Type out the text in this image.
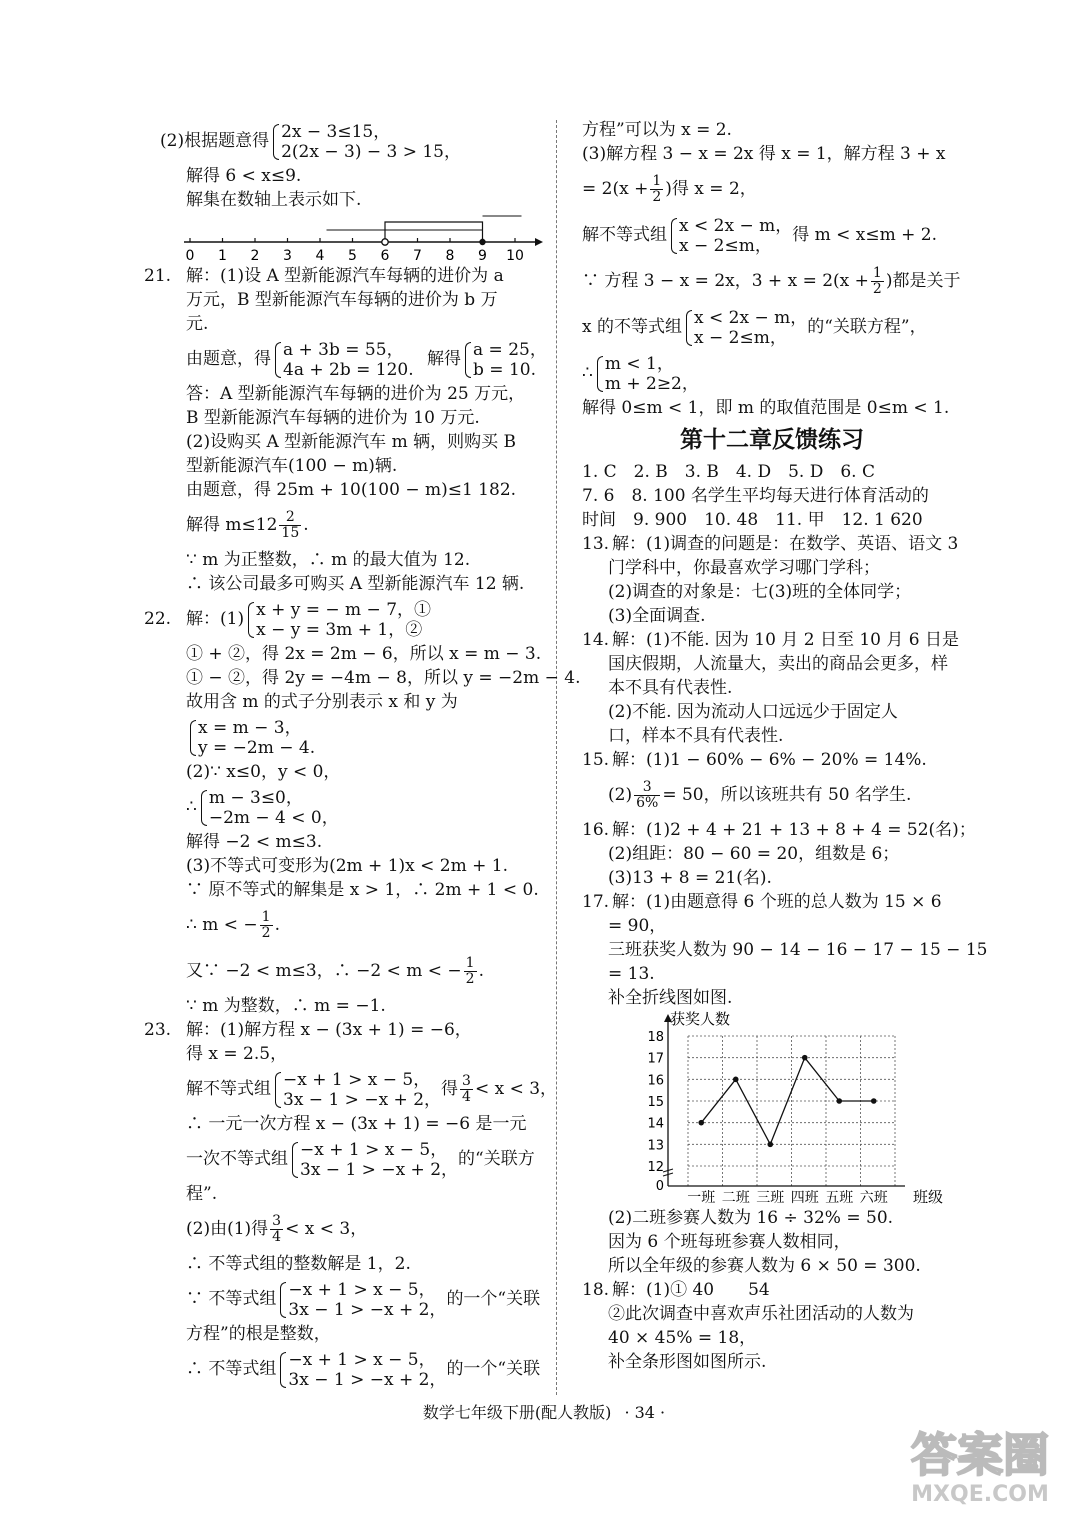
(2)根据题意得 2x − 3≤15，
2(2x − 3) − 3 > 15，
解得 6 < x≤9.
解集在数轴上表示如下.
0 1 2 3 4 5 6 7 8 9 10
21. 解：(1)设 A 型新能源汽车每辆的进价为 a
万元，B 型新能源汽车每辆的进价为 b 万
元.
由题意，得 a + 3b = 55，
4a + 2b = 120.
解得 a = 25，
b = 10.
答：A 型新能源汽车每辆的进价为 25 万元，
B 型新能源汽车每辆的进价为 10 万元.
(2)设购买 A 型新能源汽车 m 辆，则购买 B
型新能源汽车(100 − m)辆.
由题意，得 25m + 10(100 − m)≤1 182.
解得 $m\le 12 \frac{2}{15}$ .
∵ m 为正整数，∴ m 的最大值为 12.
∴ 该公司最多可购买 A 型新能源汽车 12 辆.
22. 解：(1) x + y = − m − 7，①
x − y = 3m + 1，②
① + ②，得 2x = 2m − 6，所以 x = m − 3.
① − ②，得 2y = −4m − 8，所以 y = −2m − 4.
故用含 m 的式子分别表示 x 和 y 为
x = m − 3，
y = −2m − 4.
(2)∵ x≤0，y < 0，
∴ m − 3≤0，
−2m − 4 < 0，
解得 −2 < m≤3.
(3)不等式可变形为(2m + 1)x < 2m + 1.
∵ 原不等式的解集是 x > 1，∴ 2m + 1 < 0.
∴ m < − $\frac{1}{2}$ .
又∵ −2 < m≤3，∴ −2 < m < − $\frac{1}{2}$ .
∵ m 为整数，∴ m = −1.
23. 解：(1)解方程 x − (3x + 1) = −6，
得 x = 2.5，
解不等式组 −x + 1 > x − 5，
3x − 1 > −x + 2，
得 $\frac{3}{4} < x < 3$，
∴ 一元一次方程 x − (3x + 1) = −6 是一元
一次不等式组 −x + 1 > x − 5，
3x − 1 > −x + 2，
的“关联方
程”.
(2)由(1)得 $\frac{3}{4} < x < 3$，
∴ 不等式组的整数解是 1，2.
∵ 不等式组 −x + 1 > x − 5，
3x − 1 > −x + 2，
的一个“关联
方程”的根是整数，
∴ 不等式组 −x + 1 > x − 5，
3x − 1 > −x + 2，
的一个“关联
方程”可以为 x = 2.
(3)解方程 3 − x = 2x 得 x = 1，解方程 3 + x
= $2(x + \frac{1}{2}$ )得 x = 2，
解不等式组 x < 2x − m，
x − 2≤m，
得 m < x≤m + 2.
∵ 方程 3 − x = 2x，$3 + x = 2(x + \frac{1}{2}$ )都是关于
x 的不等式组 x < 2x − m，
x − 2≤m，
的“关联方程”，
∴ m < 1，
m + 2≥2，
解得 0≤m < 1，即 m 的取值范围是 0≤m < 1.
第十二章反馈练习
1. C　2. B　3. B　4. D　5. D　6. C
7. 6　8. 100 名学生平均每天进行体育活动的
时间　9. 900　10. 48　11. 甲　12. 1 620
13. 解：(1)调查的问题是：在数学、英语、语文 3
门学科中，你最喜欢学习哪门学科；
(2)调查的对象是：七(3)班的全体同学；
(3)全面调查.
14. 解：(1)不能. 因为 10 月 2 日至 10 月 6 日是
国庆假期，人流量大，卖出的商品会更多，样
本不具有代表性.
(2)不能. 因为流动人口远远少于固定人
口，样本不具有代表性.
15. 解：(1)1 − 60% − 6% − 20% = 14%.
$(2) \frac{3}{6\%} = 50$，所以该班共有 50 名学生.
16. 解：(1)2 + 4 + 21 + 13 + 8 + 4 = 52(名)；
(2)组距：80 − 60 = 20，组数是 6；
(3)13 + 8 = 21(名).
17. 解：(1)由题意得 6 个班的总人数为 15 × 6
= 90，
三班获奖人数为 90 − 14 − 16 − 17 − 15 − 15
= 13.
补全折线图如图.
12
13
14
15
16
17
18
0
一班 二班 三班 四班 五班 六班
获奖人数
班级
(2)二班参赛人数为 16 ÷ 32% = 50.
因为 6 个班每班参赛人数相同，
所以全年级的参赛人数为 6 × 50 = 300.
18. 解：(1)① 40　　54
②此次调查中喜欢声乐社团活动的人数为
40 × 45% = 18，
补全条形图如图所示.
数学七年级下册(配人教版) · 34 ·
答案圈
MXQE.COM
